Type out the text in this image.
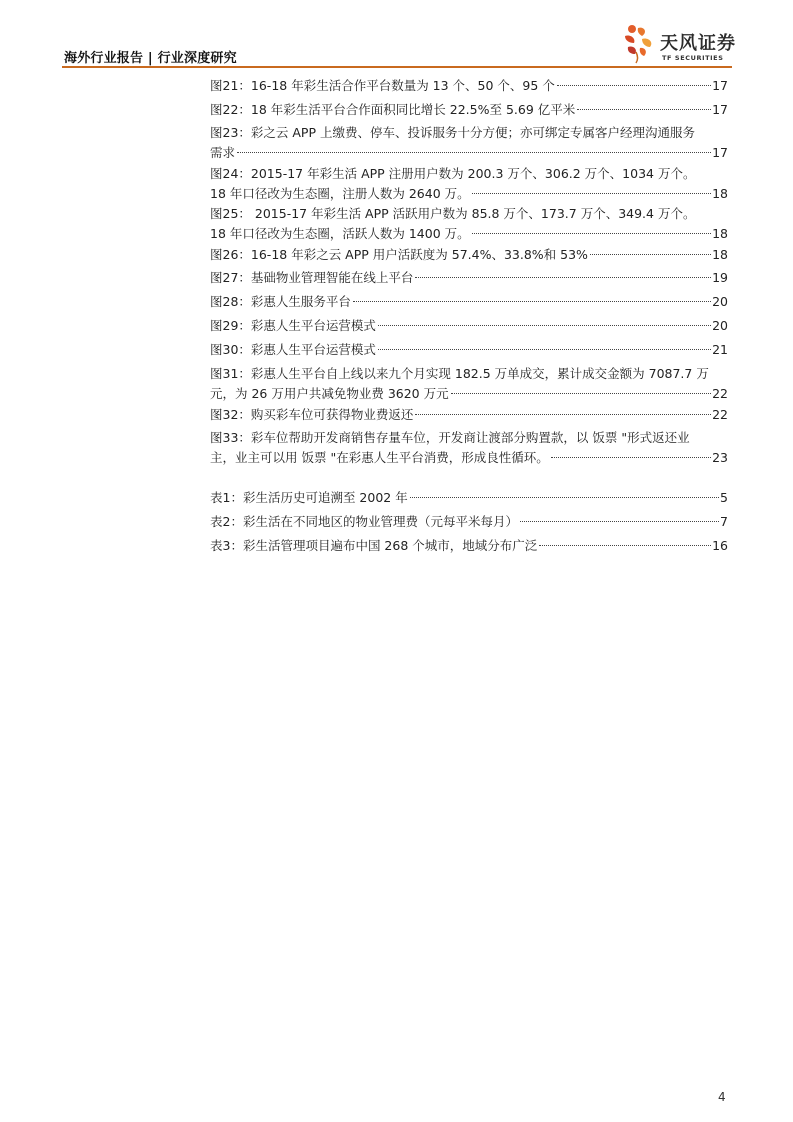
海外行业报告 | 行业深度研究
天风证券
TF SECURITIES
图21：16-18 年彩生活合作平台数量为 13 个、50 个、95 个	17
图22：18 年彩生活平台合作面积同比增长 22.5%至 5.69 亿平米	17
图23：彩之云 APP 上缴费、停车、投诉服务十分方便；亦可绑定专属客户经理沟通服务
需求	17
图24：2015-17 年彩生活 APP 注册用户数为 200.3 万个、306.2 万个、1034 万个。
18 年口径改为生态圈，注册人数为 2640 万。	18
图25： 2015-17 年彩生活 APP 活跃用户数为 85.8 万个、173.7 万个、349.4 万个。
18 年口径改为生态圈，活跃人数为 1400 万。	18
图26：16-18 年彩之云 APP 用户活跃度为 57.4%、33.8%和 53%	18
图27：基础物业管理智能在线上平台	19
图28：彩惠人生服务平台	20
图29：彩惠人生平台运营模式	20
图30：彩惠人生平台运营模式	21
图31：彩惠人生平台自上线以来九个月实现 182.5 万单成交，累计成交金额为 7087.7 万
元，为 26 万用户共减免物业费 3620 万元	22
图32：购买彩车位可获得物业费返还	22
图33：彩车位帮助开发商销售存量车位，开发商让渡部分购置款，以 饭票 "形式返还业
主，业主可以用 饭票 "在彩惠人生平台消费，形成良性循环。	23
表1：彩生活历史可追溯至 2002 年	5
表2：彩生活在不同地区的物业管理费（元每平米每月）	7
表3：彩生活管理项目遍布中国 268 个城市，地域分布广泛	16
4
